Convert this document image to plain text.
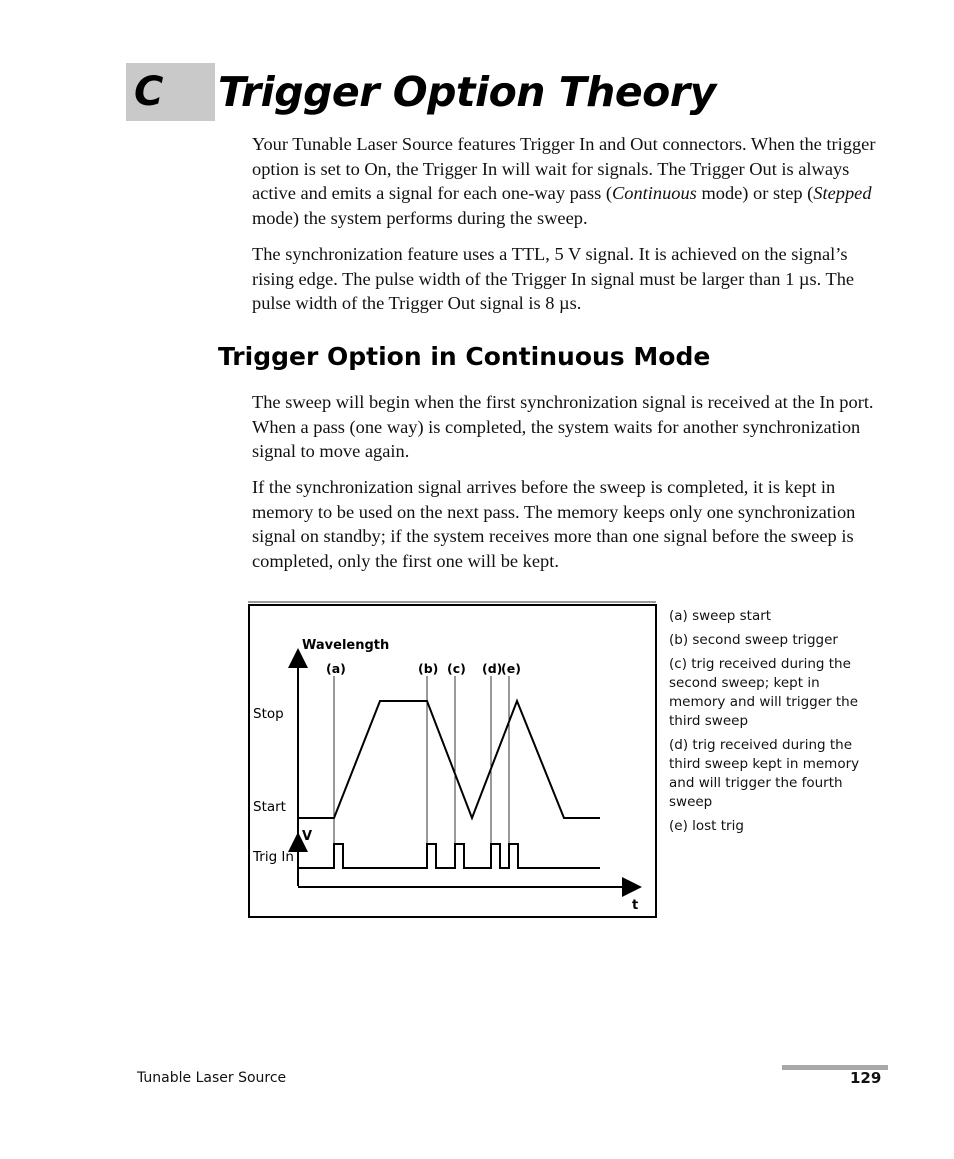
C Trigger Option Theory

Your Tunable Laser Source features Trigger In and Out connectors. When the trigger option is set to On, the Trigger In will wait for signals. The Trigger Out is always active and emits a signal for each one-way pass (Continuous mode) or step (Stepped mode) the system performs during the sweep.

The synchronization feature uses a TTL, 5 V signal. It is achieved on the signal’s rising edge. The pulse width of the Trigger In signal must be larger than 1 µs. The pulse width of the Trigger Out signal is 8 µs.

Trigger Option in Continuous Mode

The sweep will begin when the first synchronization signal is received at the In port. When a pass (one way) is completed, the system waits for another synchronization signal to move again.

If the synchronization signal arrives before the sweep is completed, it is kept in memory to be used on the next pass. The memory keeps only one synchronization signal on standby; if the system receives more than one signal before the sweep is completed, only the first one will be kept.

Wavelength
Stop
Start
V
Trig In
t
(a)	(b) (c) (d)
(e)

(a) sweep start

(b) second sweep trigger

(c) trig received during the second sweep; kept in memory and will trigger the third sweep

(d) trig received during the third sweep kept in memory and will trigger the fourth sweep

(e) lost trig

Tunable Laser Source	129
